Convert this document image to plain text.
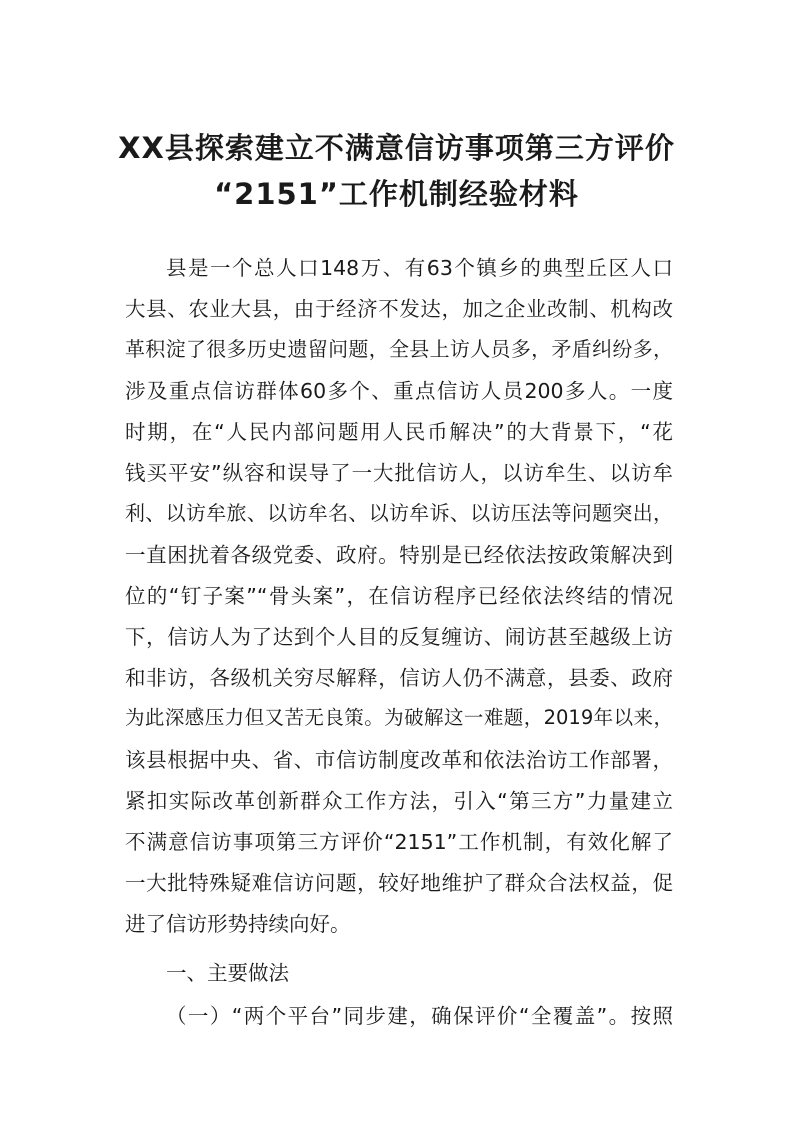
XX县探索建立不满意信访事项第三方评价
“2151”工作机制经验材料
县是一个总人口148万、有63个镇乡的典型丘区人口
大县、农业大县，由于经济不发达，加之企业改制、机构改
革积淀了很多历史遗留问题，全县上访人员多，矛盾纠纷多，
涉及重点信访群体60多个、重点信访人员200多人。一度
时期，在“人民内部问题用人民币解决”的大背景下，“花
钱买平安”纵容和误导了一大批信访人，以访牟生、以访牟
利、以访牟旅、以访牟名、以访牟诉、以访压法等问题突出，
一直困扰着各级党委、政府。特别是已经依法按政策解决到
位的“钉子案”“骨头案”，在信访程序已经依法终结的情况
下，信访人为了达到个人目的反复缠访、闹访甚至越级上访
和非访，各级机关穷尽解释，信访人仍不满意，县委、政府
为此深感压力但又苦无良策。为破解这一难题，2019年以来，
该县根据中央、省、市信访制度改革和依法治访工作部署，
紧扣实际改革创新群众工作方法，引入“第三方”力量建立
不满意信访事项第三方评价“2151”工作机制，有效化解了
一大批特殊疑难信访问题，较好地维护了群众合法权益，促
进了信访形势持续向好。
一、主要做法
（一）“两个平台”同步建，确保评价“全覆盖”。按照
